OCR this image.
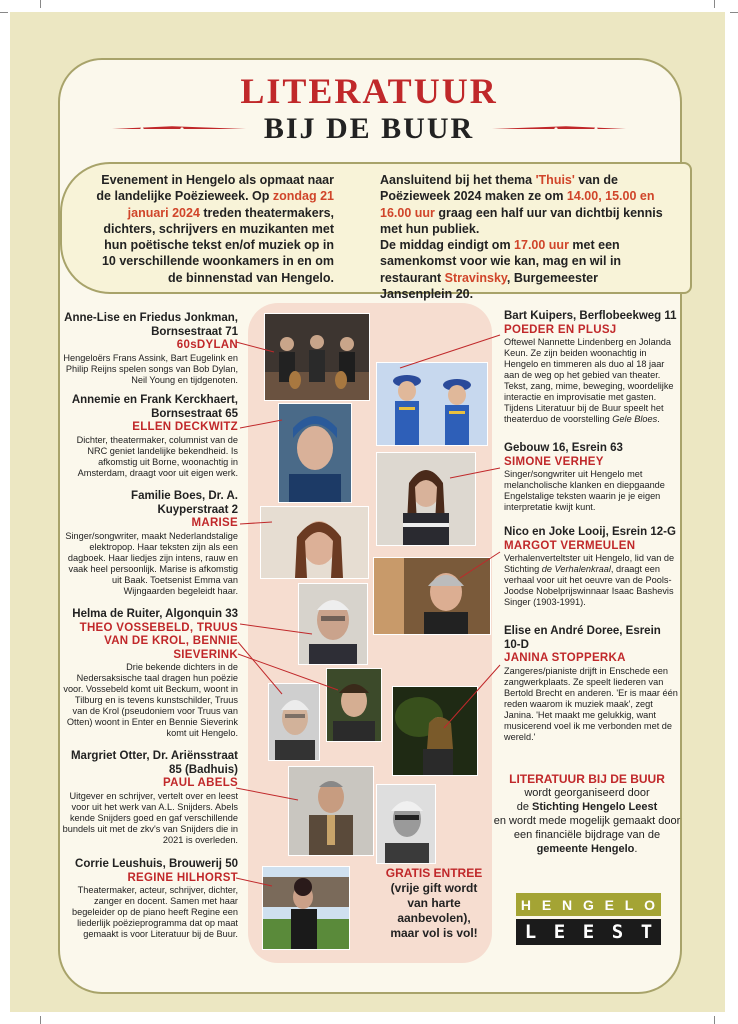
LITERATUUR
BIJ DE BUUR
Evenement in Hengelo als opmaat naar de landelijke Poëzieweek. Op zondag 21 januari 2024 treden theatermakers, dichters, schrijvers en muzikanten met hun poëtische tekst en/of muziek op in 10 verschillende woonkamers in en om de binnenstad van Hengelo.
Aansluitend bij het thema 'Thuis' van de Poëzieweek 2024 maken ze om 14.00, 15.00 en 16.00 uur graag een half uur van dichtbij kennis met hun publiek.
De middag eindigt om 17.00 uur met een samenkomst voor wie kan, mag en wil in restaurant Stravinsky, Burgemeester Jansenplein 20.
Anne-Lise en Friedus Jonkman, Bornsestraat 71
60sDYLAN
Hengeloërs Frans Assink, Bart Eugelink en Philip Reijns spelen songs van Bob Dylan, Neil Young en tijdgenoten.
Annemie en Frank Kerckhaert, Bornsestraat 65
ELLEN DECKWITZ
Dichter, theatermaker, columnist van de NRC geniet landelijke bekendheid. Is afkomstig uit Borne, woonachtig in Amsterdam, draagt voor uit eigen werk.
Familie Boes, Dr. A. Kuyperstraat 2
MARISE
Singer/songwriter, maakt Nederlandstalige elektropop. Haar teksten zijn als een dagboek. Haar liedjes zijn intens, rauw en vaak heel persoonlijk. Marise is afkomstig uit Baak. Toetsenist Emma van Wijngaarden begeleidt haar.
Helma de Ruiter, Algonquin 33
THEO VOSSEBELD, TRUUS VAN DE KROL, BENNIE SIEVERINK
Drie bekende dichters in de Nedersaksische taal dragen hun poëzie voor. Vossebeld komt uit Beckum, woont in Tilburg en is tevens kunstschilder, Truus van de Krol (pseudoniem voor Truus van Otten) woont in Enter en Bennie Sieverink komt uit Hengelo.
Margriet Otter, Dr. Ariënsstraat 85 (Badhuis)
PAUL ABELS
Uitgever en schrijver, vertelt over en leest voor uit het werk van A.L. Snijders. Abels kende Snijders goed en gaf verschillende bundels uit met de zkv's van Snijders die in 2021 is overleden.
Corrie Leushuis, Brouwerij 50
REGINE HILHORST
Theatermaker, acteur, schrijver, dichter, zanger en docent. Samen met haar begeleider op de piano heeft Regine een liederlijk poëzieprogramma dat op maat gemaakt is voor Literatuur bij de Buur.
Bart Kuipers, Berflobeekweg 11
POEDER EN PLUSJ
Oftewel Nannette Lindenberg en Jolanda Keun. Ze zijn beiden woonachtig in Hengelo en timmeren als duo al 18 jaar aan de weg op het gebied van theater. Tekst, zang, mime, beweging, woordelijke interactie en improvisatie met gasten. Tijdens Literatuur bij de Buur speelt het theaterduo de voorstelling Gele Bloes.
Gebouw 16, Esrein 63
SIMONE VERHEY
Singer/songwriter uit Hengelo met melancholische klanken en diepgaande Engelstalige teksten waarin je je eigen interpretatie kwijt kunt.
Nico en Joke Looij, Esrein 12-G
MARGOT VERMEULEN
Verhalenverteltster uit Hengelo, lid van de Stichting de Verhalenkraal, draagt een verhaal voor uit het oeuvre van de Pools-Joodse Nobelprijswinnaar Isaac Bashevis Singer (1903-1991).
Elise en André Doree, Esrein 10-D
JANINA STOPPERKA
Zangeres/pianiste drijft in Enschede een zangwerkplaats. Ze speelt liederen van Bertold Brecht en anderen. 'Er is maar één reden waarom ik muziek maak', zegt Janina. 'Het maakt me gelukkig, want musicerend voel ik me verbonden met de wereld.'
GRATIS ENTREE
(vrije gift wordt van harte aanbevolen), maar vol is vol!
LITERATUUR BIJ DE BUUR
wordt georganiseerd door
de Stichting Hengelo Leest
en wordt mede mogelijk gemaakt door een financiële bijdrage van de gemeente Hengelo.
H E N G E L O
L E E S T
